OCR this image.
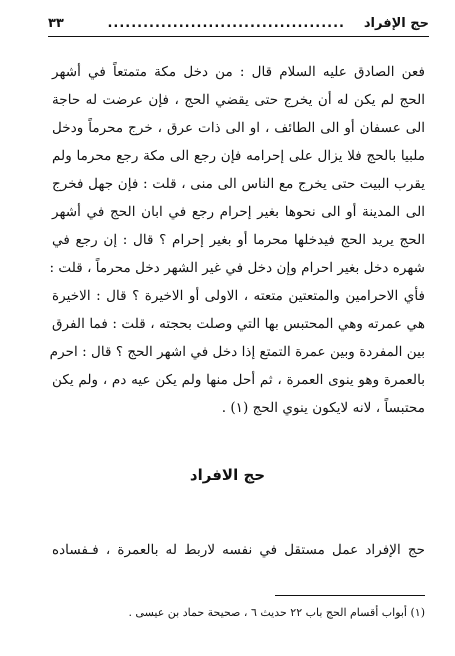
حج الإفراد
........................................
٣٣
فعن الصادق عليه السلام قال : من دخل مكة متمتعاً في أشهر
الحج لم يكن له أن يخرج حتى يقضي الحج ، فإن عرضت له حاجة
الى عسفان أو الى الطائف ، او الى ذات عرق ، خرج محرماً ودخل
ملبيا بالحج فلا يزال على إحرامه فإن رجع الى مكة رجع محرما ولم
يقرب البيت حتى يخرج مع الناس الى منى ، قلت : فإن جهل فخرج
الى المدينة أو الى نحوها بغير إحرام رجع في ابان الحج في أشهر
الحج يريد الحج فيدخلها محرما أو بغير إحرام ؟ قال : إن رجع في
شهره دخل بغير احرام وإن دخل في غير الشهر دخل محرماً ، قلت :
فأي الاحرامين والمتعتين متعته ، الاولى أو الاخيرة ؟ قال : الاخيرة
هي عمرته وهي المحتبس بها التي وصلت بحجته ، قلت : فما الفرق
بين المفردة وبين عمرة التمتع إذا دخل في اشهر الحج ؟ قال : احرم
بالعمرة وهو ينوى العمرة ، ثم أحل منها ولم يكن عيه دم ، ولم يكن
محتبساً ، لانه لايكون ينوي الحج (١) .
حج الافراد
حج الإفراد عمل مستقل في نفسه لاربط له بالعمرة ، فـفساده
(١) أبواب أقسام الحج باب ٢٢ حديث ٦ ، صحيحة حماد بن عيسى .
